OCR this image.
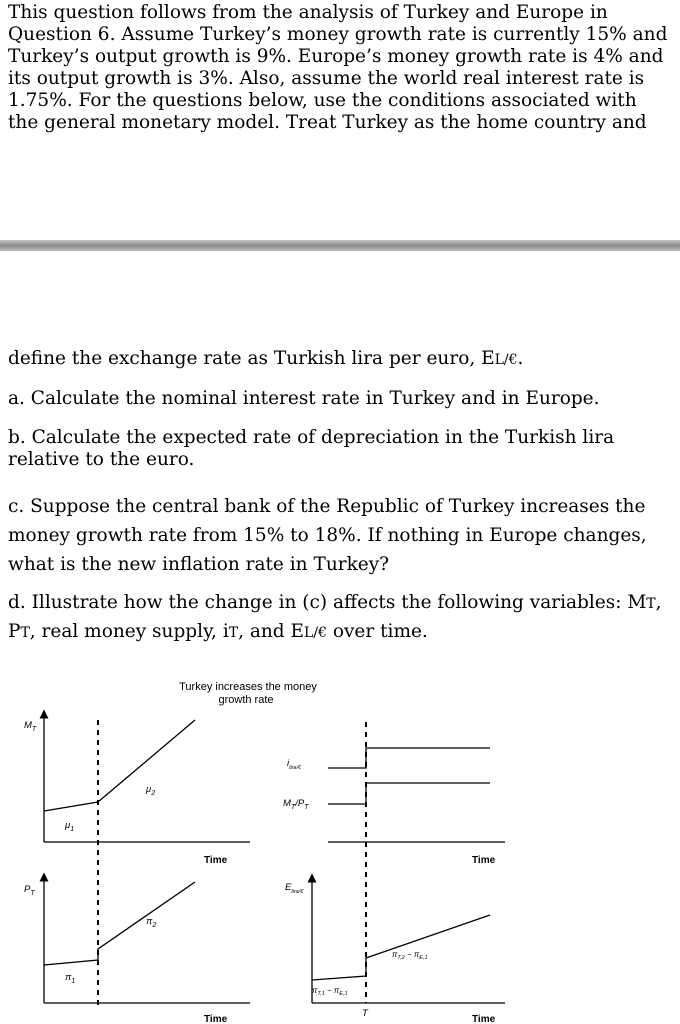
This question follows from the analysis of Turkey and Europe in Question 6. Assume Turkey’s money growth rate is currently 15% and Turkey’s output growth is 9%. Europe’s money growth rate is 4% and its output growth is 3%. Also, assume the world real interest rate is 1.75%. For the questions below, use the conditions associated with the general monetary model. Treat Turkey as the home country and

define the exchange rate as Turkish lira per euro, EL/€.

a. Calculate the nominal interest rate in Turkey and in Europe.

b. Calculate the expected rate of depreciation in the Turkish lira relative to the euro.

c. Suppose the central bank of the Republic of Turkey increases the money growth rate from 15% to 18%. If nothing in Europe changes, what is the new inflation rate in Turkey?

d. Illustrate how the change in (c) affects the following variables: MT,
PT, real money supply, iT, and EL/€ over time.

Turkey increases the money
growth rate
$M_T$
$\mu_1$
$\mu_2$
Time
$P_T$
$\pi_1$
$\pi_2$
Time
$i_{lira/€}$
$M_T/P_T$
Time
$E_{lira/€}$
$\pi_{T,1} - \pi_{E,1}$
$\pi_{T,2} - \pi_{E,1}$
T
Time
